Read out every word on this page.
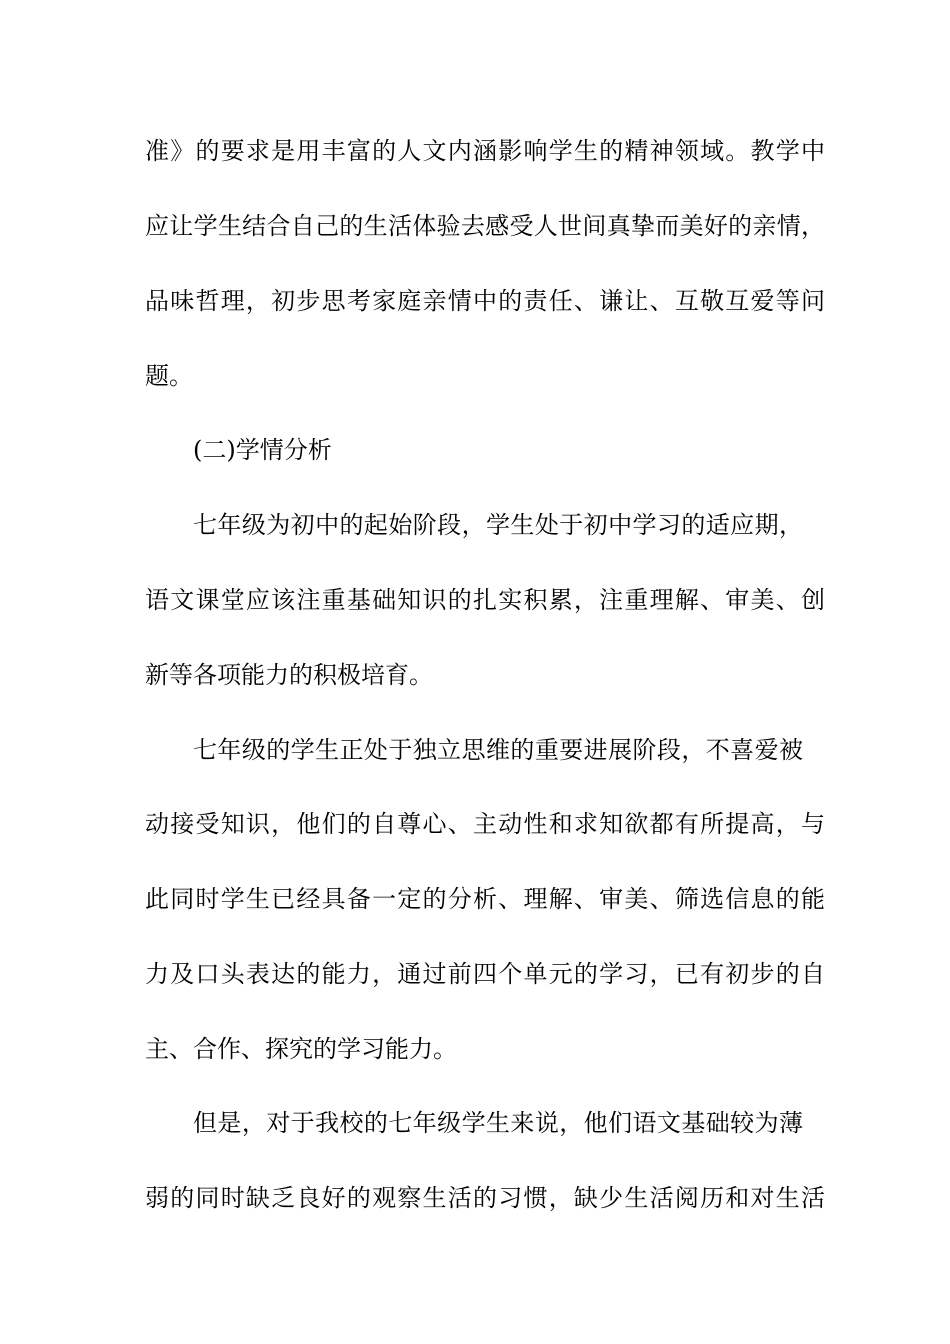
准》的要求是用丰富的人文内涵影响学生的精神领域。教学中
应让学生结合自己的生活体验去感受人世间真挚而美好的亲情，
品味哲理，初步思考家庭亲情中的责任、谦让、互敬互爱等问
题。
(二)学情分析
七年级为初中的起始阶段，学生处于初中学习的适应期，
语文课堂应该注重基础知识的扎实积累，注重理解、审美、创
新等各项能力的积极培育。
七年级的学生正处于独立思维的重要进展阶段，不喜爱被
动接受知识，他们的自尊心、主动性和求知欲都有所提高，与
此同时学生已经具备一定的分析、理解、审美、筛选信息的能
力及口头表达的能力，通过前四个单元的学习，已有初步的自
主、合作、探究的学习能力。
但是，对于我校的七年级学生来说，他们语文基础较为薄
弱的同时缺乏良好的观察生活的习惯，缺少生活阅历和对生活
